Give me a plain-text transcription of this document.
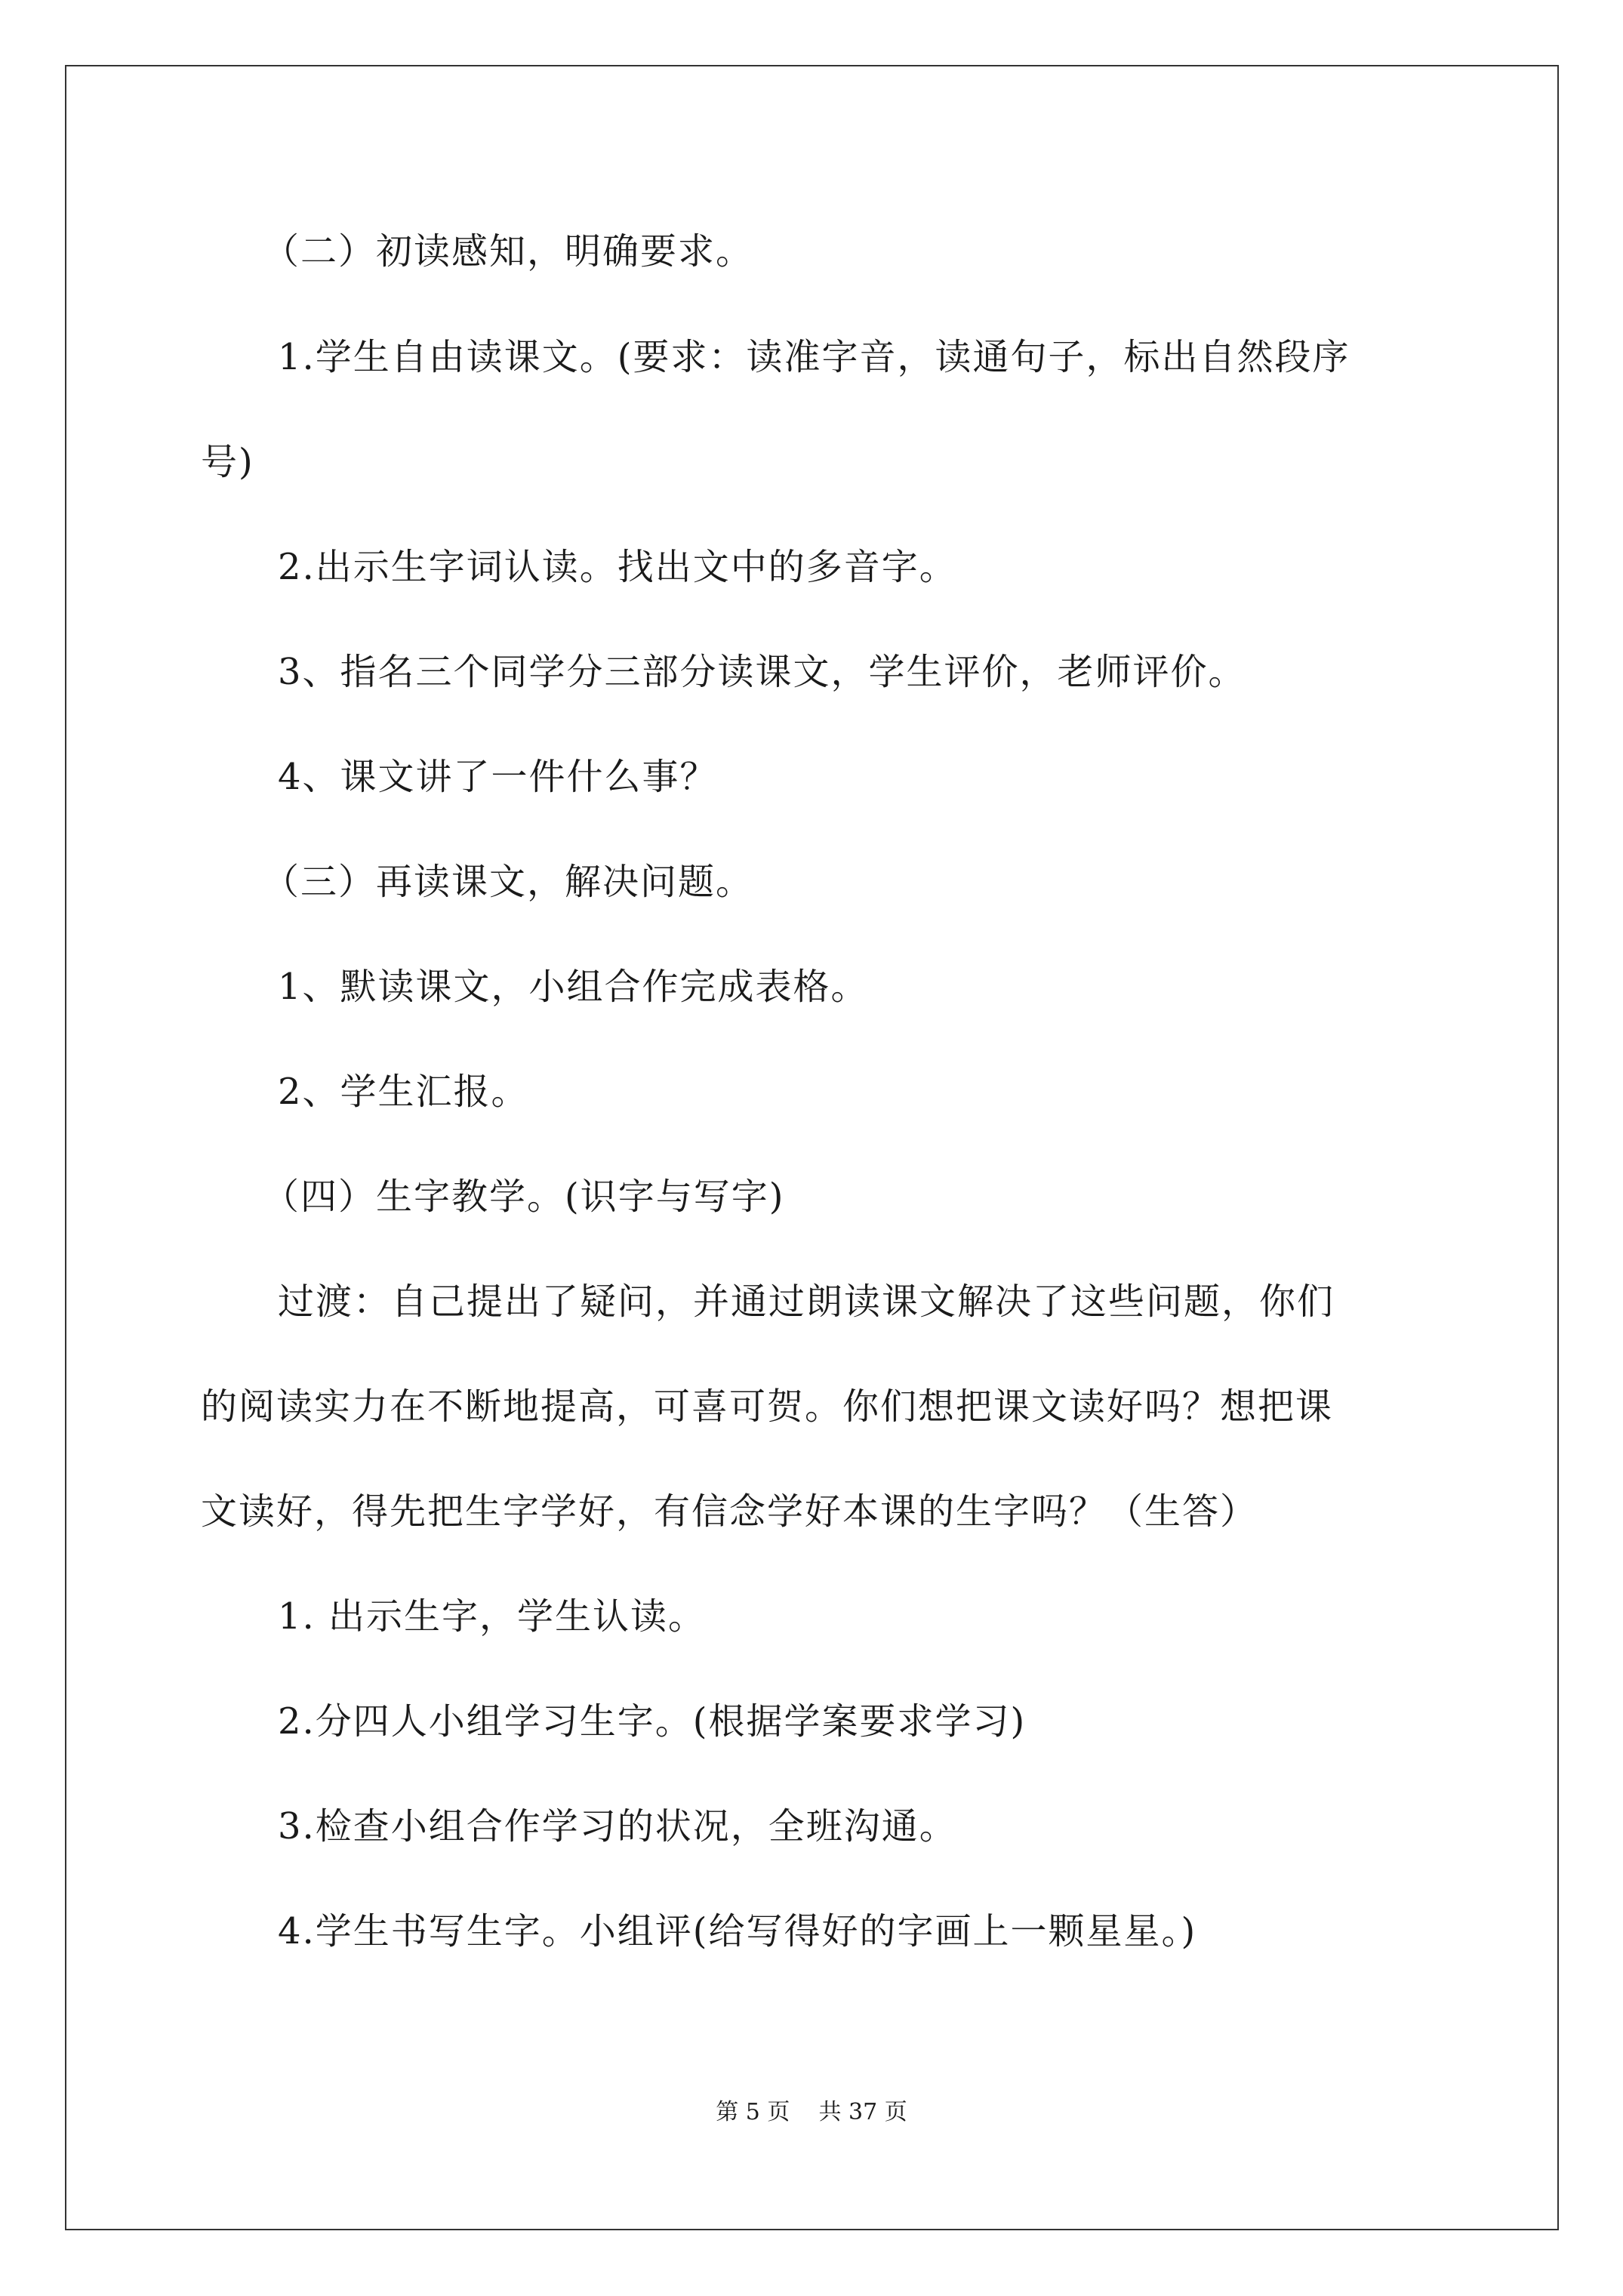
（二）初读感知，明确要求。
1.学生自由读课文。(要求：读准字音，读通句子，标出自然段序
号)
2.出示生字词认读。找出文中的多音字。
3、指名三个同学分三部分读课文，学生评价，老师评价。
4、课文讲了一件什么事？
（三）再读课文，解决问题。
1、默读课文，小组合作完成表格。
2、学生汇报。
（四）生字教学。(识字与写字)
过渡：自己提出了疑问，并通过朗读课文解决了这些问题，你们
的阅读实力在不断地提高，可喜可贺。你们想把课文读好吗？想把课
文读好，得先把生字学好，有信念学好本课的生字吗？（生答）
1. 出示生字，学生认读。
2.分四人小组学习生字。(根据学案要求学习)
3.检查小组合作学习的状况，全班沟通。
4.学生书写生字。小组评(给写得好的字画上一颗星星。)
第 5 页    共 37 页
